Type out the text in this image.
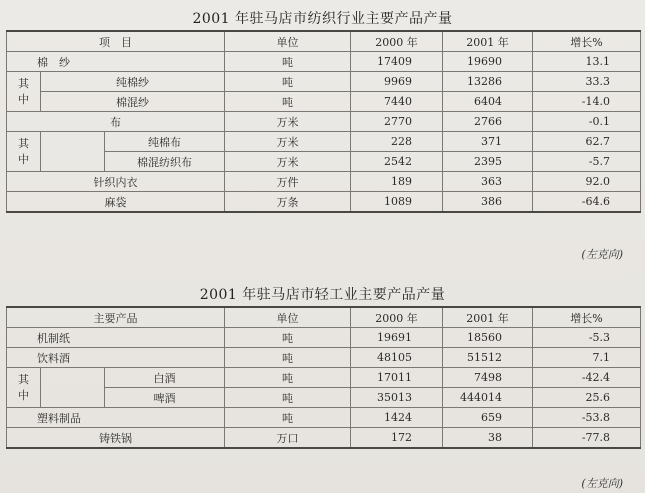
2001 年驻马店市纺织行业主要产品产量
项　目			单位	2000 年	2001 年	增长%
棉　纱			吨	17409	19690	13.1
其
中	纯棉纱		吨	9969	13286	33.3
	棉混纱		吨	7440	6404	-14.0
布			万米	2770	2766	-0.1
其
中		纯棉布	万米	228	371	62.7
		棉混纺织布	万米	2542	2395	-5.7
针织内衣			万件	189	363	92.0
麻袋			万条	1089	386	-64.6
(左克向)
2001 年驻马店市轻工业主要产品产量
主要产品			单位	2000 年	2001 年	增长%
机制纸			吨	19691	18560	-5.3
饮料酒			吨	48105	51512	7.1
其
中		白酒	吨	17011	7498	-42.4
		啤酒	吨	35013	444014	25.6
塑料制品			吨	1424	659	-53.8
铸铁锅			万口	172	38	-77.8
(左克向)
